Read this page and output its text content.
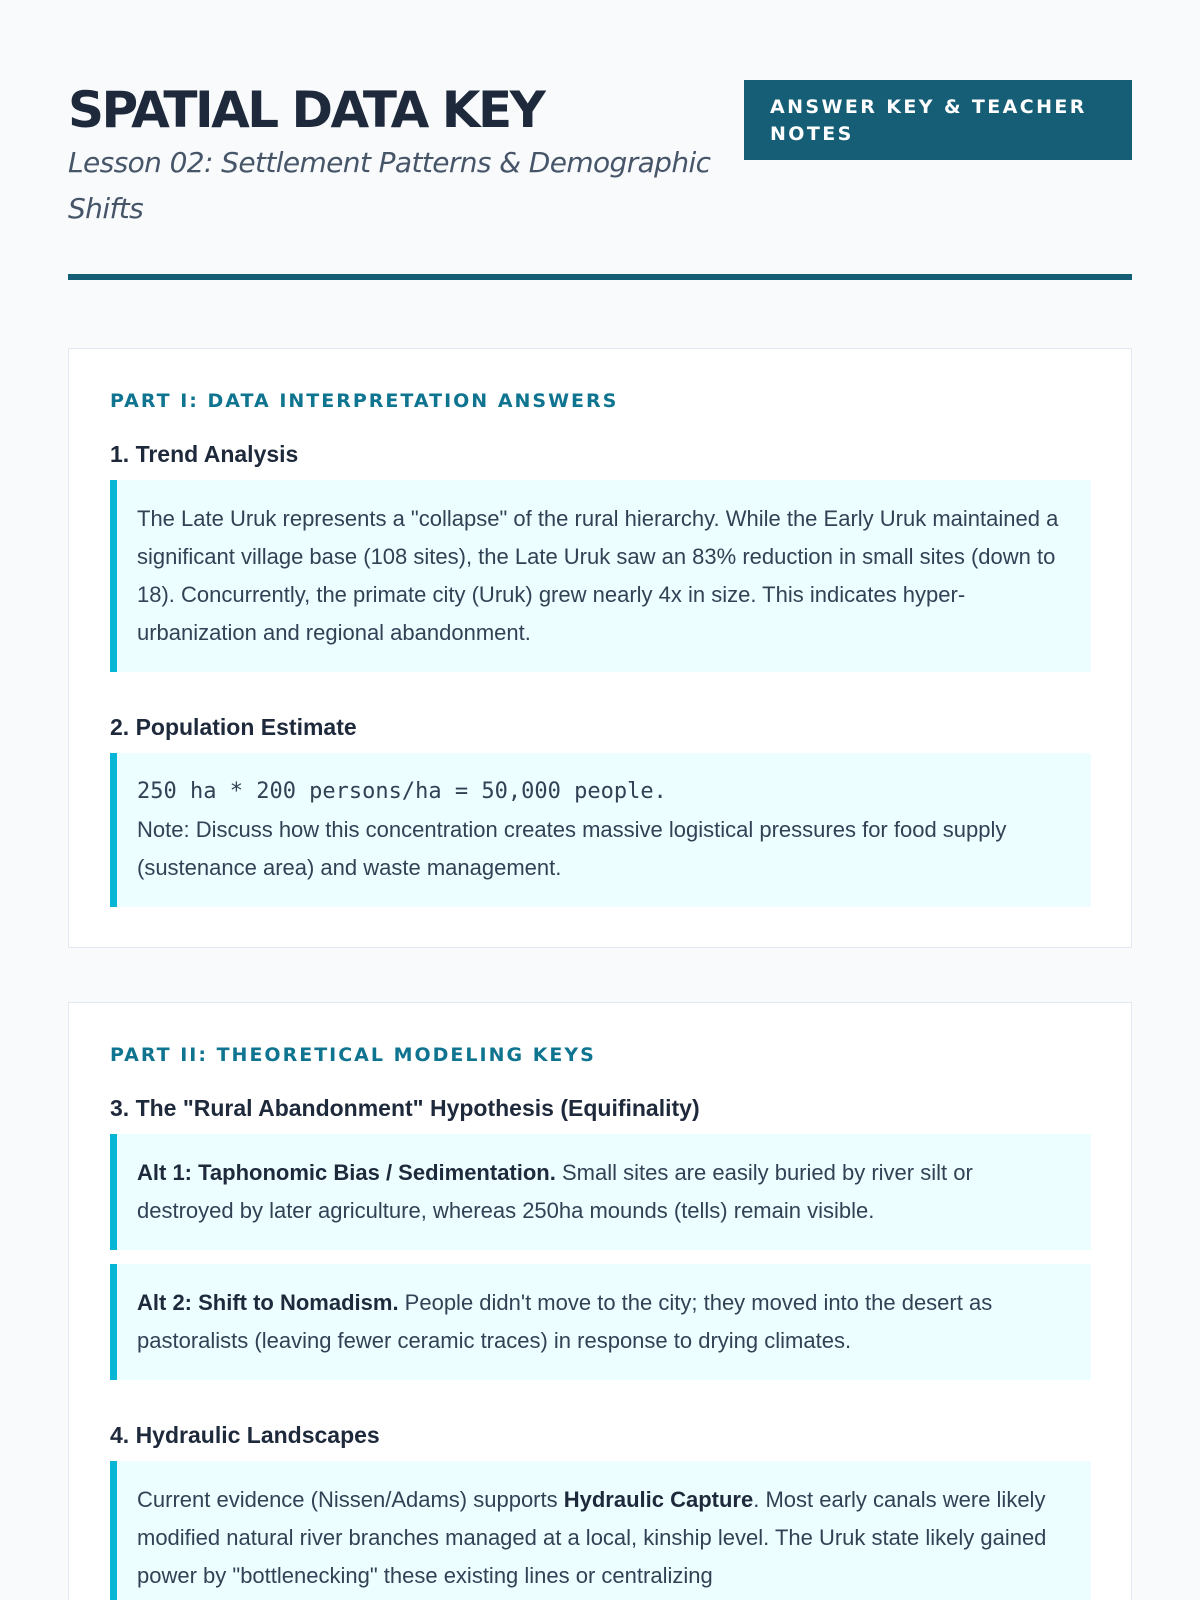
SPATIAL DATA KEY
Lesson 02: Settlement Patterns & Demographic Shifts
ANSWER KEY & TEACHER NOTES
PART I: DATA INTERPRETATION ANSWERS
1. Trend Analysis
The Late Uruk represents a "collapse" of the rural hierarchy. While the Early Uruk maintained a significant village base (108 sites), the Late Uruk saw an 83% reduction in small sites (down to 18). Concurrently, the primate city (Uruk) grew nearly 4x in size. This indicates hyper-urbanization and regional abandonment.
2. Population Estimate
250 ha * 200 persons/ha = 50,000 people.
Note: Discuss how this concentration creates massive logistical pressures for food supply (sustenance area) and waste management.
PART II: THEORETICAL MODELING KEYS
3. The "Rural Abandonment" Hypothesis (Equifinality)
Alt 1: Taphonomic Bias / Sedimentation. Small sites are easily buried by river silt or destroyed by later agriculture, whereas 250ha mounds (tells) remain visible.
Alt 2: Shift to Nomadism. People didn't move to the city; they moved into the desert as pastoralists (leaving fewer ceramic traces) in response to drying climates.
4. Hydraulic Landscapes
Current evidence (Nissen/Adams) supports Hydraulic Capture. Most early canals were likely modified natural river branches managed at a local, kinship level. The Uruk state likely gained power by "bottlenecking" these existing lines or centralizing
